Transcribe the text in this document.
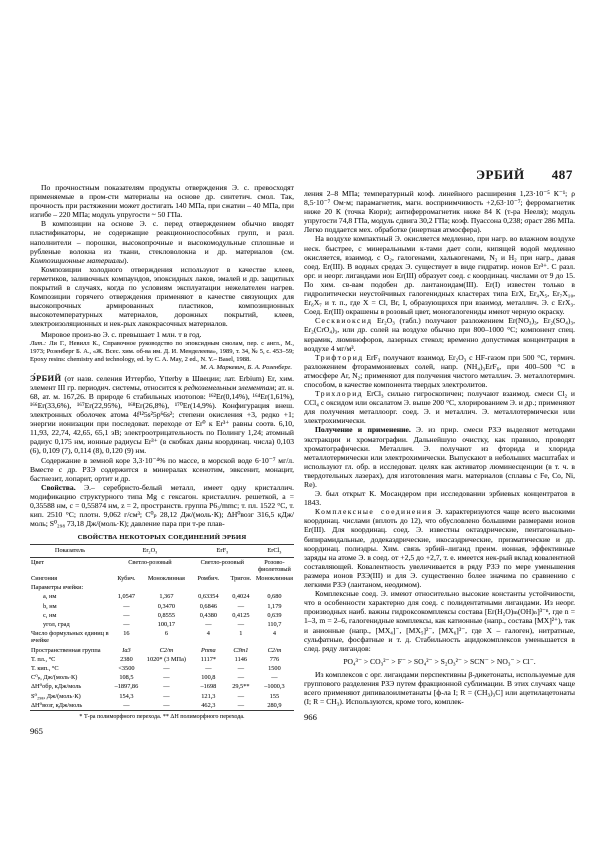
По прочностным показателям продукты отверждения Э. с. превосходят применяемые в пром-сти материалы на основе др. синтетич. смол. Так, прочность при растяжении может достигать 140 МПа, при сжатии – 40 МПа, при изгибе – 220 МПа; модуль упругости ~ 50 ГПа.

В композиции на основе Э. с. перед отверждением обычно вводят пластификаторы, не содержащие реакционноспособных групп, и разл. наполнители – порошки, высокопрочные и высокомодульные сплошные и рубленые волокна из ткани, стекловолокна и др. материалов (см. Композиционные материалы).

Композиции холодного отверждения используют в качестве клеев, герметиков, заливочных компаундов, эпоксидных лаков, эмалей и др. защитных покрытий в случаях, когда по условиям эксплуатации нежелателен нагрев. Композиции горячего отверждения применяют в качестве связующих для высокопрочных армированных пластиков, композиционных высокотемпературных материалов, дорожных покрытий, клеев, электроизоляционных и нек-рых лакокрасочных материалов.

Мировое произ-во Э. с. превышает 1 млн. т в год.

Лит.: Ли Г., Невилл К., Справочное руководство по эпоксидным смолам, пер. с англ., М., 1973; Розенберг Б. А., «Ж. Всес. хим. об-ва им. Д. И. Менделеева», 1989, т. 34, № 5, с. 453–59; Epoxy resins: chemistry and technology, ed. by C. A. May, 2 ed., N. Y.– Basel, 1988.

М. А. Маркевич, Б. А. Розенберг.

Э́РБИЙ (от назв. селения Иттербю, Ytterby в Швеции; лат. Erbium) Er, хим. элемент III гр. периодич. системы, относится к редкоземельным элементам; ат. н. 68, ат. м. 167,26. В природе 6 стабильных изотопов: ¹⁶²Er(0,14%), ¹⁶⁴Er(1,61%), ¹⁶⁶Er(33,6%), ¹⁶⁷Er(22,95%), ¹⁶⁸Er(26,8%), ¹⁷⁰Er(14,9%). Конфигурация внеш. электронных оболочек атома 4f¹²5s²5p⁶6s²; степени окисления +3, редко +1; энергии ионизации при последоват. переходе от Er⁰ к Er³⁺ равны соотв. 6,10, 11,93, 22,74, 42,65, 65,1 эВ; электроотрицательность по Полингу 1,24; атомный радиус 0,175 нм, ионные радиусы Er³⁺ (в скобках даны координац. числа) 0,103 (6), 0,109 (7), 0,114 (8), 0,120 (9) нм.

Содержание в земной коре 3,3·10⁻⁴% по массе, в морской воде 6·10⁻⁷ мг/л. Вместе с др. РЗЭ содержится в минералах ксенотим, эвксенит, монацит, бастнезит, лопарит, ортит и др.

Свойства. Э.– серебристо-белый металл, имеет одну кристаллич. модификацию структурного типа Mg с гексагон. кристаллич. решеткой, a = 0,35588 нм, c = 0,55874 нм, z = 2, пространств. группа P6₃/mmc; т. пл. 1522 °C, т. кип. 2510 °C; плотн. 9,062 г/см³; C⁰ₚ 28,12 Дж/(моль·К); ΔH⁰возг 316,5 кДж/моль; S⁰₂₉₈ 73,18 Дж/(моль·К); давление пара при т-ре плав-

СВОЙСТВА НЕКОТОРЫХ СОЕДИНЕНИЙ ЭРБИЯ
Показатель	Er₂O₃		ErF₃		ErCl₃
Цвет	Светло-розовый		Светло-розовый		Розово-фиолетовый
Сингония	Кубич.	Моноклинная	Ромбич.	Тригон.	Моноклинная
Параметры ячейки:					
a, нм	1,0547	1,367	0,63354	0,4024	0,680
b, нм	—	0,3470	0,6846	—	1,179
c, нм	—	0,8555	0,4380	0,4125	0,639
угол, град	—	100,17	—	—	110,7
Число формульных единиц в ячейке	16	6	4	1	4
Пространственная группа	Ia3	C2/m	Pnma	C3̄m1	C2/m
Т. пл., °C	2380	1020* (3 МПа)	1117*	1146	776
Т. кип., °C	<3500	—	—	—	1500
C⁰ₚ, Дж/(моль·К)	108,5	—	100,8	—	—
ΔH⁰обр, кДж/моль	–1897,86	—	–1698	29,5**	–1000,3
S⁰₂₉₈, Дж/(моль·К)	154,3	—	121,3	—	155
ΔH⁰возг, кДж/моль	—	—	462,3	—	280,9
* Т-ра полиморфного перехода. ** ΔН полиморфного перехода.
965
ЭРБИЙ 487

ления 2–8 МПа; температурный коэф. линейного расширения 1,23·10⁻⁵ К⁻¹; ρ 8,5·10⁻⁷ Ом·м; парамагнетик, магн. восприимчивость +2,63·10⁻⁷; ферромагнетик ниже 20 К (точка Кюри); антиферромагнетик ниже 84 К (т-ра Нееля); модуль упругости 74,8 ГПа, модуль сдвига 30,2 ГПа; коэф. Пуассона 0,238; σраст 286 МПа. Легко поддается мех. обработке (инертная атмосфера).

На воздухе компактный Э. окисляется медленно, при нагр. во влажном воздухе неск. быстрее, с минеральными к-тами дает соли, кипящей водой медленно окисляется, взаимод. с O₂, галогенами, халькогенами, N₂ и H₂ при нагр., давая соед. Er(III). В водных средах Э. существует в виде гидратир. ионов Er³⁺. С разл. орг. и неорг. лигандами ион Er(III) образует соед. с координац. числами от 9 до 15. По хим. св-вам подобен др. лантаноидам(III). Er(I) известен только в гидролитически неустойчивых галогенидных кластерах типа ErX, Er₄X₅, Er₇X₁₀, Er₆X₇ и т. п., где X = Cl, Br, I, образующихся при взаимод. металлич. Э. с ErX₃. Соед. Er(III) окрашены в розовый цвет, моногалогениды имеют черную окраску.

Сесквиоксид Er₂O₃ (табл.) получают разложением Er(NO₃)₃, Er₂(SO₄)₃, Er₂(CrO₄)₃, или др. солей на воздухе обычно при 800–1000 °C; компонент спец. керамик, люминофоров, лазерных стекол; временно допустимая концентрация в воздухе 4 мг/м³.

Трифторид ErF₃ получают взаимод. Er₂O₃ с HF-газом при 500 °C, термич. разложением фтораммониевых солей, напр. (NH₄)₃ErF₆, при 400–500 °C в атмосфере Ar, N₂; применяют для получения чистого металлич. Э. металлотермич. способом, в качестве компонента твердых электролитов.

Трихлорид ErCl₃ сильно гигроскопичен; получают взаимод. смеси Cl₂ и CCl₄ с оксидом или оксалатом Э. выше 200 °C, хлорированием Э. и др.; применяют для получения металлоорг. соед. Э. и металлич. Э. металлотермически или электрохимически.

Получение и применение. Э. из прир. смеси РЗЭ выделяют методами экстракции и хроматографии. Дальнейшую очистку, как правило, проводят хроматографически. Металлич. Э. получают из фторида и хлорида металлотермически или электрохимически. Выпускают в небольших масштабах и используют гл. обр. в исследоват. целях как активатор люминесценции (в т. ч. в твердотельных лазерах), для изготовления магн. материалов (сплавы с Fe, Co, Ni, Re).

Э. был открыт К. Мосандером при исследовании эрбиевых концентратов в 1843.

Комплексные соединения Э. характеризуются чаще всего высокими координац. числами (вплоть до 12), что обусловлено большими размерами ионов Er(III). Для координац. соед. Э. известны октаэдрические, пентагонально-бипирамидальные, додекаэдрические, икосаэдрические, призматические и др. координац. полиэдры. Хим. связь эрбий–лиганд преим. ионная, эффективные заряды на атоме Э. в соед. от +2,5 до +2,7, т. е. имеется нек-рый вклад ковалентной составляющей. Ковалентность увеличивается в ряду РЗЭ по мере уменьшения размера ионов РЗЭ(III) и для Э. существенно более значима по сравнению с легкими РЗЭ (лантаном, неодимом).

Комплексные соед. Э. имеют относительно высокие константы устойчивости, что в особенности характерно для соед. с полидентатными лигандами. Из неорг. производных наиб. важны гидроксокомплексы состава [Er(H₂O)ₘ(OH)ₙ]³⁻ⁿ, где n = 1–3, m = 2–6, галогенидные комплексы, как катионные (напр., состава [MX]²⁺), так и анионные (напр., [MX₄]⁻, [MX₅]²⁻, [MX₆]³⁻, где X – галоген), нитратные, сульфатные, фосфатные и т. д. Стабильность ацидокомплексов уменьшается в след. ряду лигандов:

PO₄³⁻ > CO₃²⁻ > F⁻ > SO₄²⁻ > S₂O₃²⁻ > SCN⁻ > NO₃⁻ > Cl⁻.

Из комплексов с орг. лигандами перспективны β-дикетонаты, используемые для группового разделения РЗЭ путем фракционной сублимации. В этих случаях чаще всего применяют дипивалоилметанаты [ф-ла I; R = (CH₃)₃C] или ацетилацетонаты (I; R = CH₃). Используются, кроме того, комплек-

966
